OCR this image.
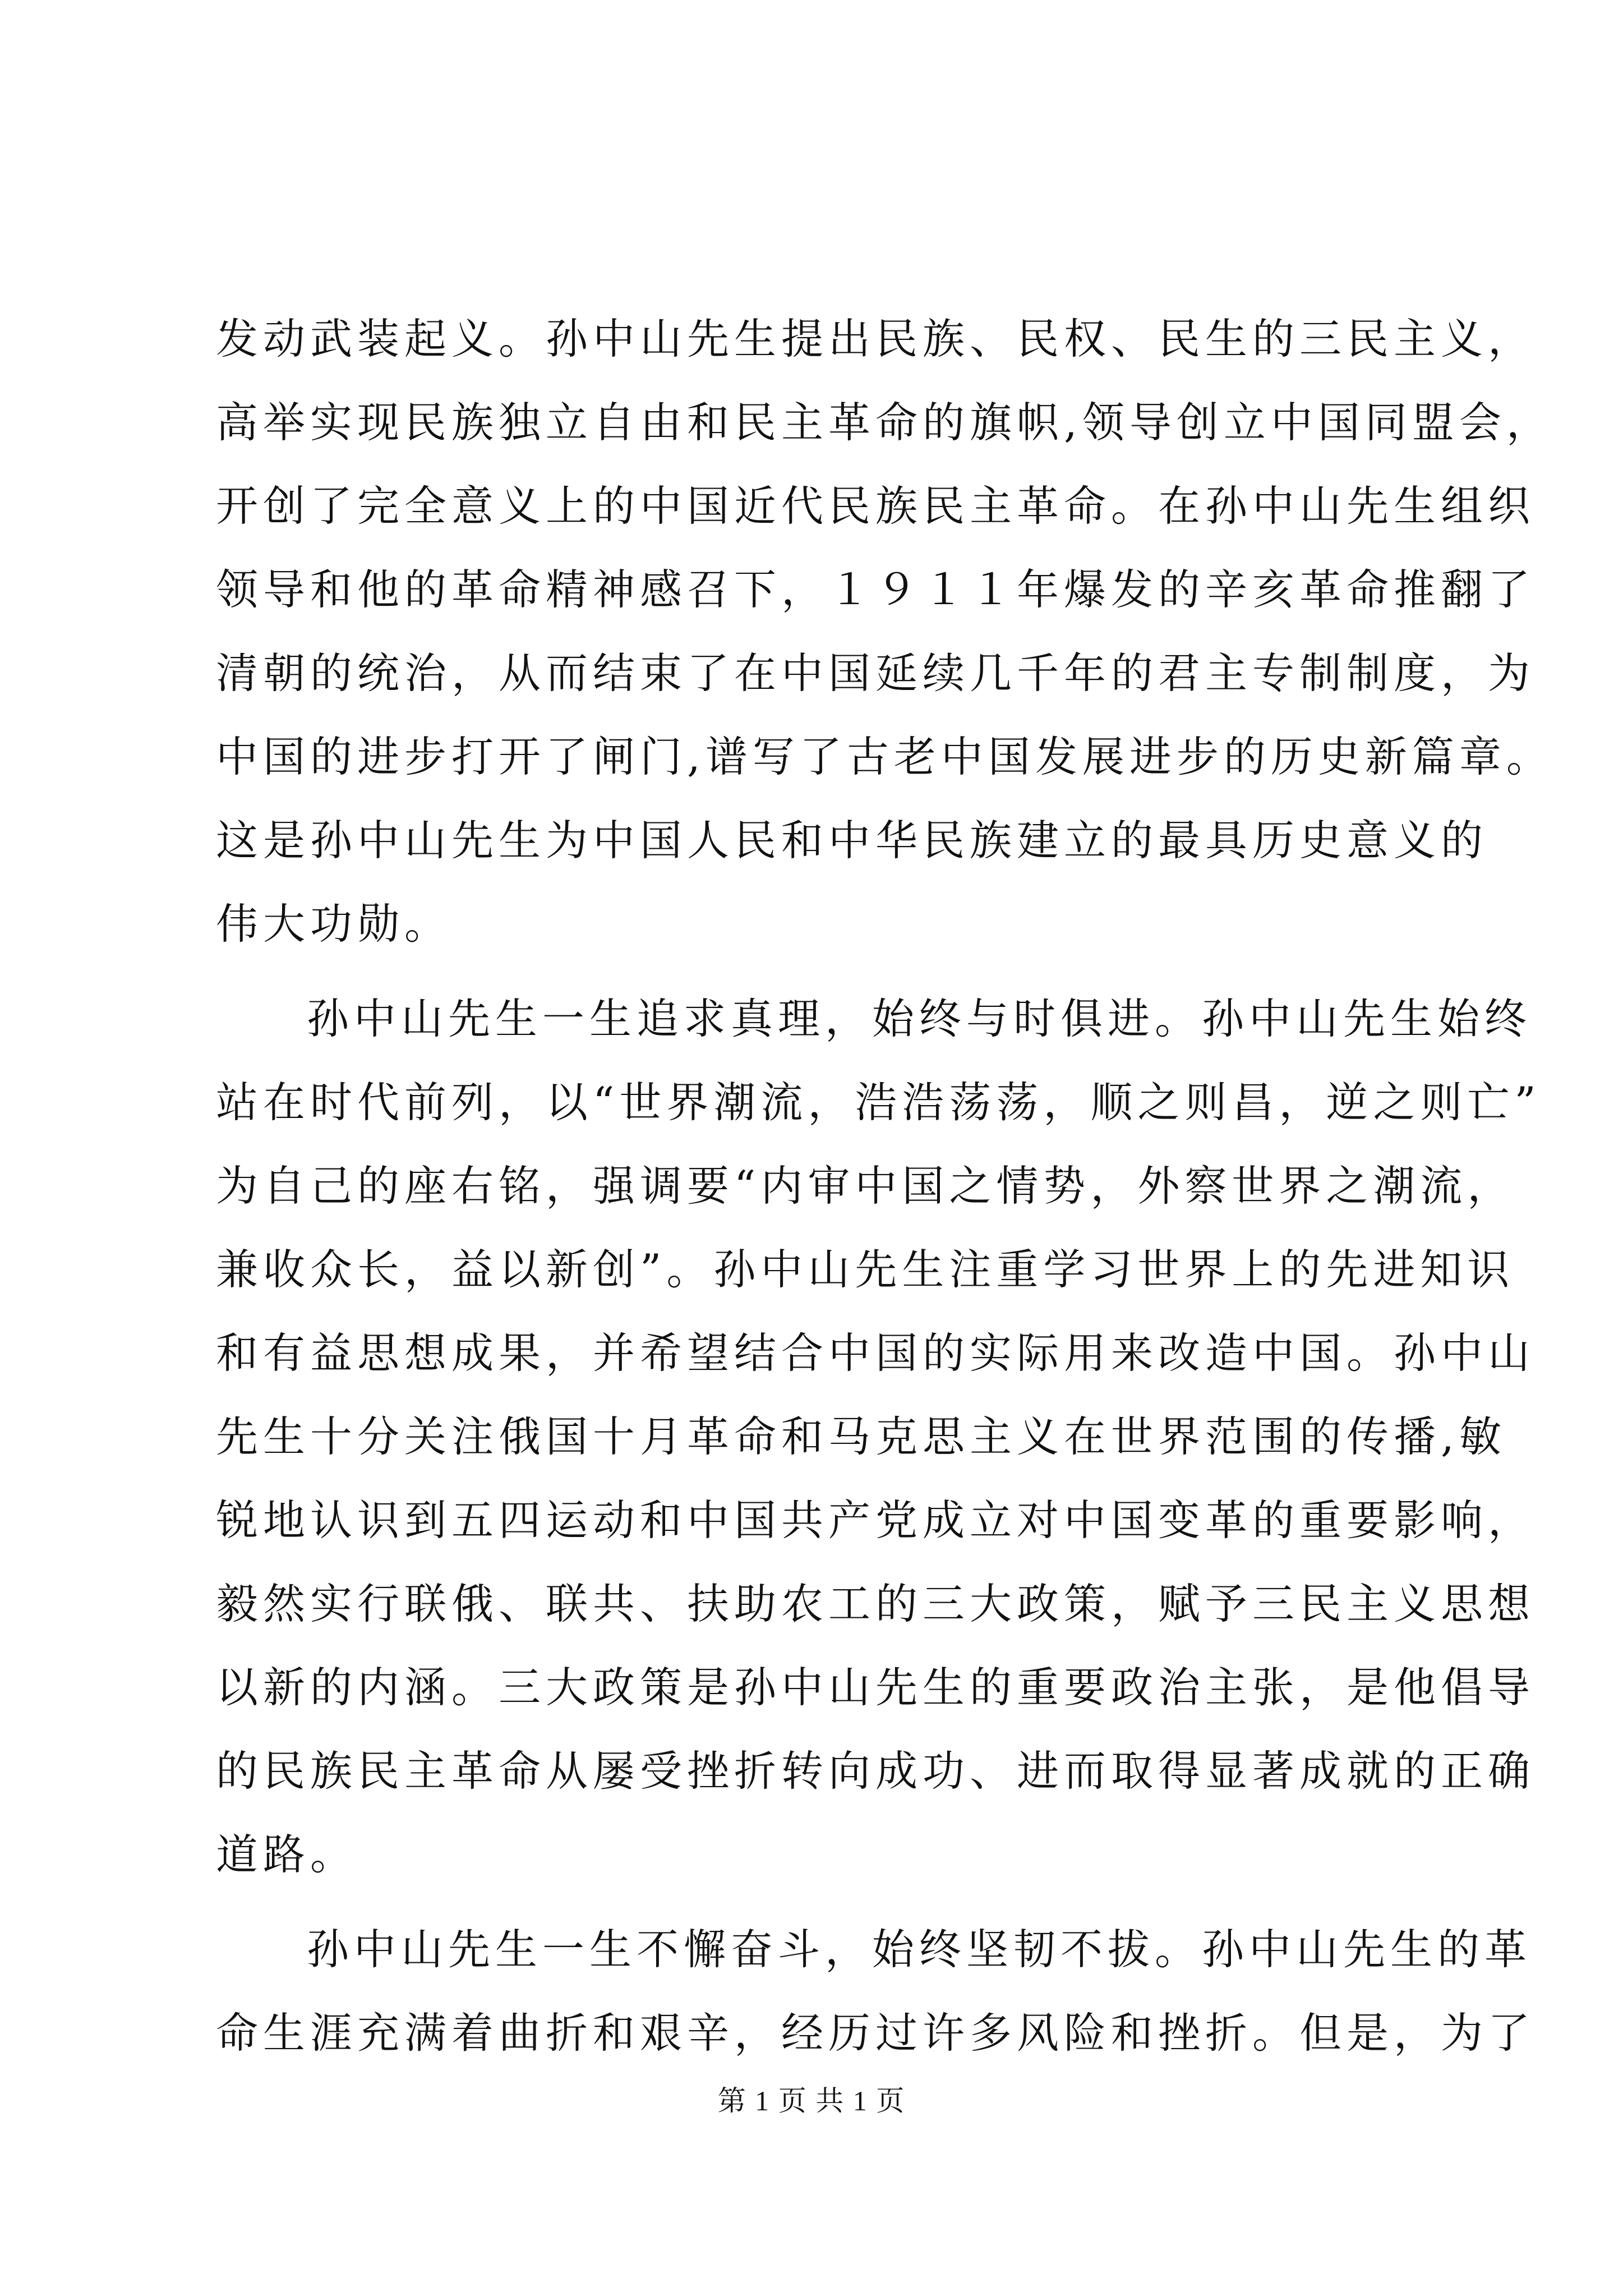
发动武装起义。孙中山先生提出民族、民权、民生的三民主义，
高举实现民族独立自由和民主革命的旗帜,领导创立中国同盟会，
开创了完全意义上的中国近代民族民主革命。在孙中山先生组织
领导和他的革命精神感召下，１９１１年爆发的辛亥革命推翻了
清朝的统治，从而结束了在中国延续几千年的君主专制制度，为
中国的进步打开了闸门,谱写了古老中国发展进步的历史新篇章。
这是孙中山先生为中国人民和中华民族建立的最具历史意义的
伟大功勋。
孙中山先生一生追求真理，始终与时俱进。孙中山先生始终
站在时代前列，以“世界潮流，浩浩荡荡，顺之则昌，逆之则亡”
为自己的座右铭，强调要“内审中国之情势，外察世界之潮流，
兼收众长，益以新创”。孙中山先生注重学习世界上的先进知识
和有益思想成果，并希望结合中国的实际用来改造中国。孙中山
先生十分关注俄国十月革命和马克思主义在世界范围的传播,敏
锐地认识到五四运动和中国共产党成立对中国变革的重要影响，
毅然实行联俄、联共、扶助农工的三大政策，赋予三民主义思想
以新的内涵。三大政策是孙中山先生的重要政治主张，是他倡导
的民族民主革命从屡受挫折转向成功、进而取得显著成就的正确
道路。
孙中山先生一生不懈奋斗，始终坚韧不拔。孙中山先生的革
命生涯充满着曲折和艰辛，经历过许多风险和挫折。但是，为了
第 1 页 共 1 页
